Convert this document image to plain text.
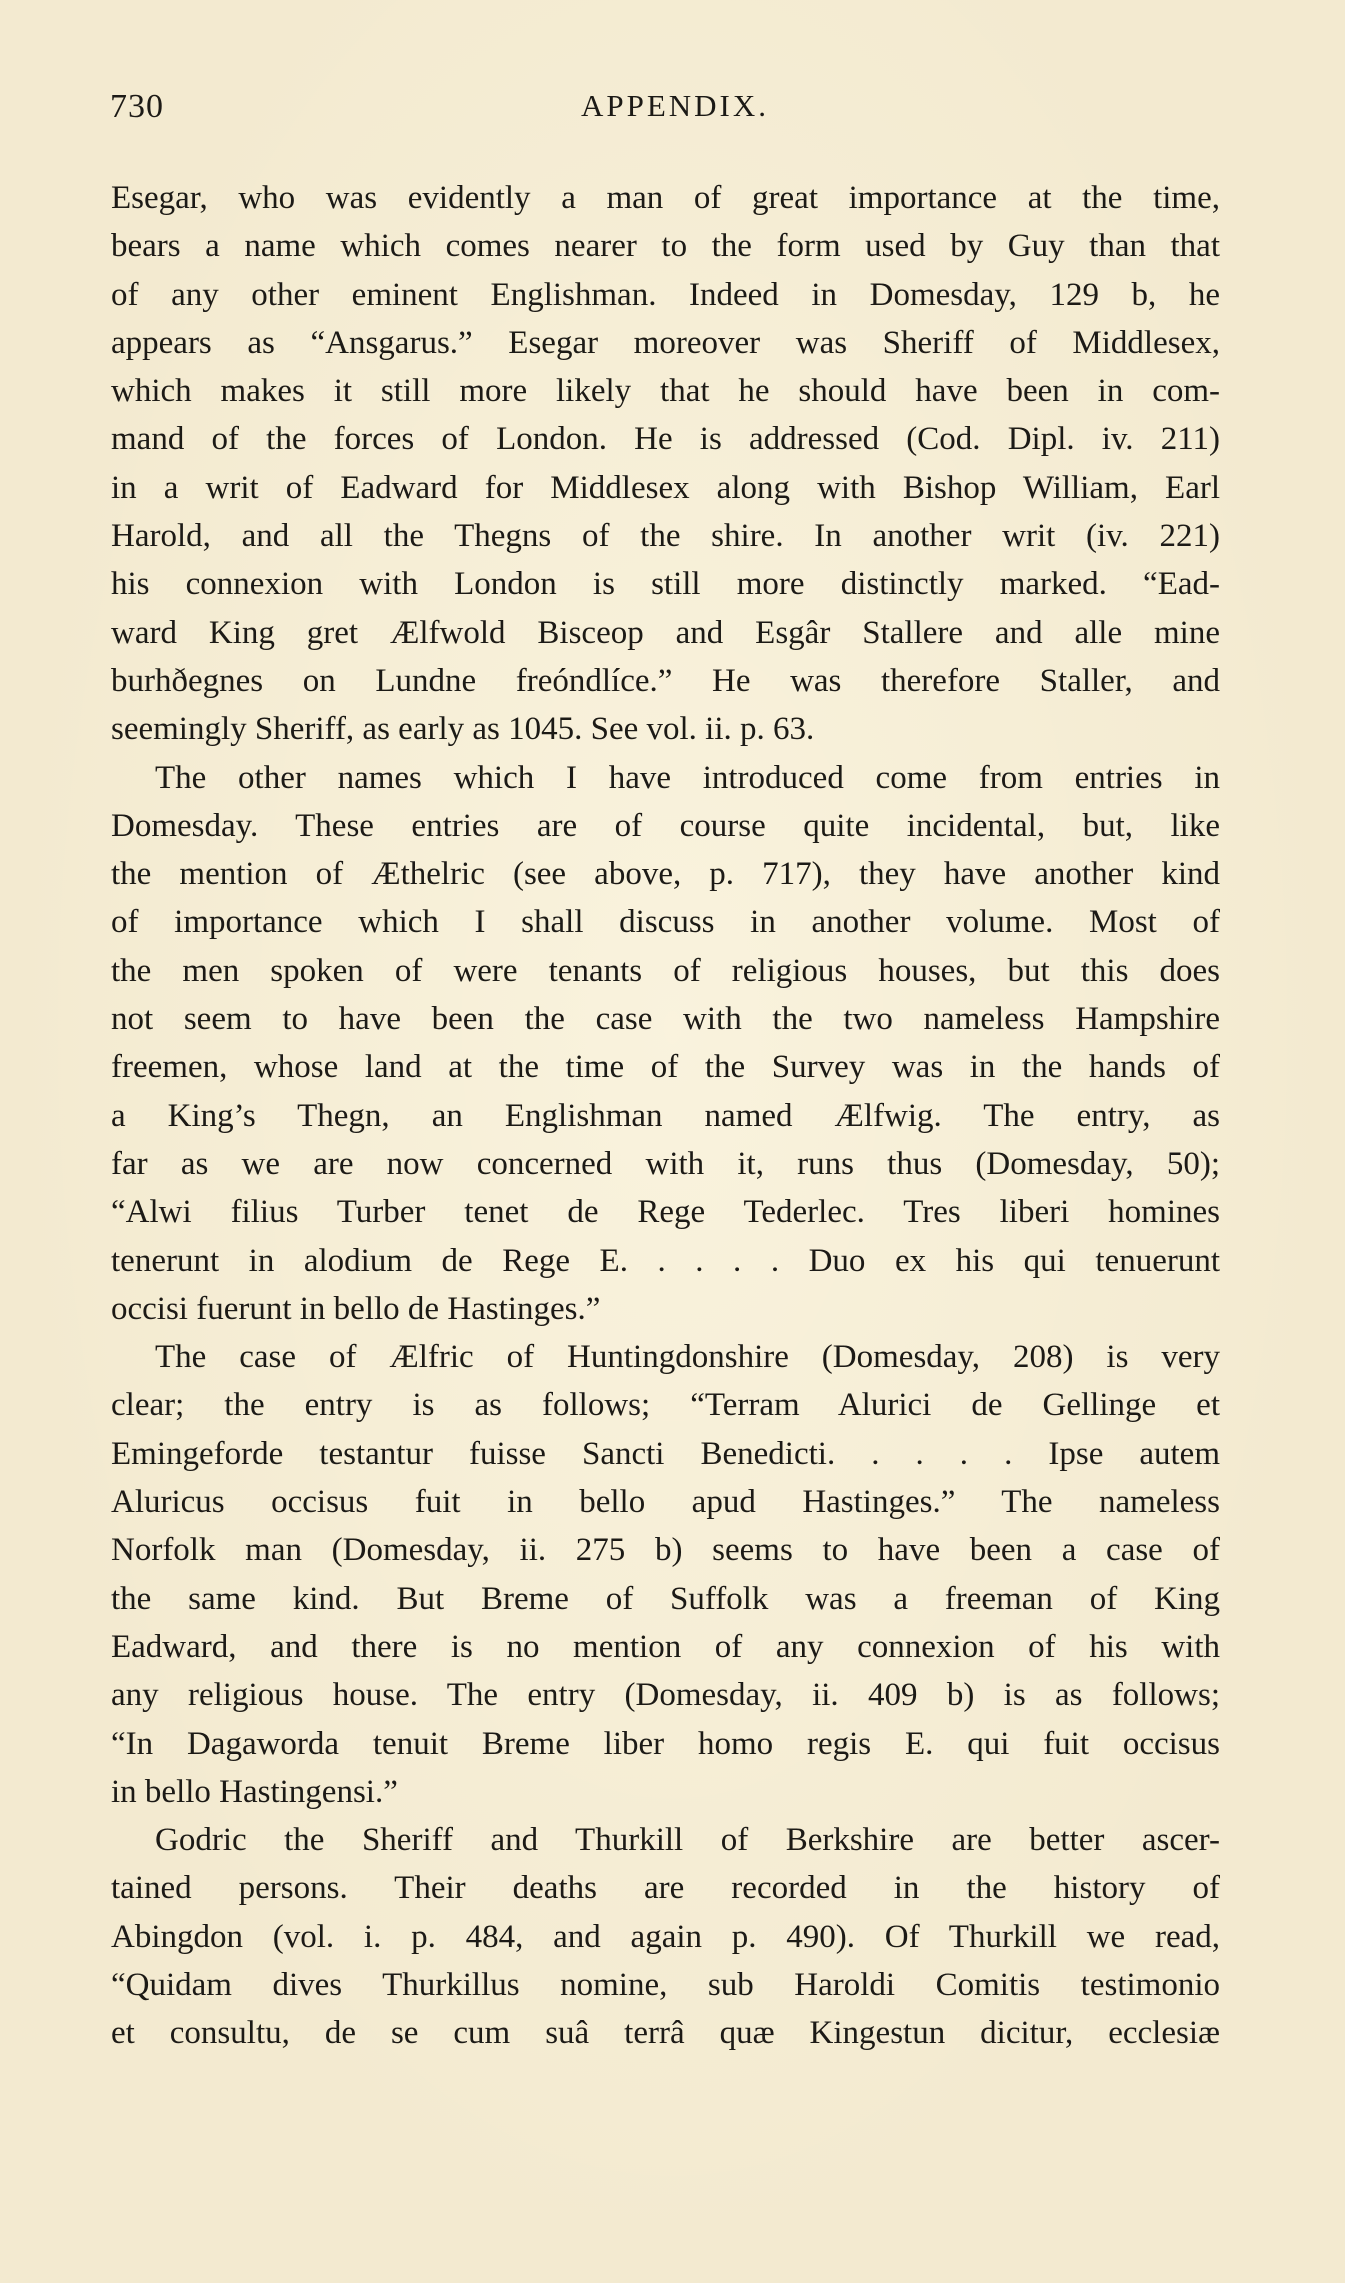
730	APPENDIX.
Esegar, who was evidently a man of great importance at the time,
bears a name which comes nearer to the form used by Guy than that
of any other eminent Englishman. Indeed in Domesday, 129 b, he
appears as “Ansgarus.” Esegar moreover was Sheriff of Middlesex,
which makes it still more likely that he should have been in com-
mand of the forces of London. He is addressed (Cod. Dipl. iv. 211)
in a writ of Eadward for Middlesex along with Bishop William, Earl
Harold, and all the Thegns of the shire. In another writ (iv. 221)
his connexion with London is still more distinctly marked. “Ead-
ward King gret Ælfwold Bisceop and Esgâr Stallere and alle mine
burhðegnes on Lundne freóndlíce.” He was therefore Staller, and
seemingly Sheriff, as early as 1045. See vol. ii. p. 63.
The other names which I have introduced come from entries in
Domesday. These entries are of course quite incidental, but, like
the mention of Æthelric (see above, p. 717), they have another kind
of importance which I shall discuss in another volume. Most of
the men spoken of were tenants of religious houses, but this does
not seem to have been the case with the two nameless Hampshire
freemen, whose land at the time of the Survey was in the hands of
a King’s Thegn, an Englishman named Ælfwig. The entry, as
far as we are now concerned with it, runs thus (Domesday, 50);
“Alwi filius Turber tenet de Rege Tederlec. Tres liberi homines
tenerunt in alodium de Rege E. . . . . Duo ex his qui tenuerunt
occisi fuerunt in bello de Hastinges.”
The case of Ælfric of Huntingdonshire (Domesday, 208) is very
clear; the entry is as follows; “Terram Alurici de Gellinge et
Emingeforde testantur fuisse Sancti Benedicti. . . . . Ipse autem
Aluricus occisus fuit in bello apud Hastinges.” The nameless
Norfolk man (Domesday, ii. 275 b) seems to have been a case of
the same kind. But Breme of Suffolk was a freeman of King
Eadward, and there is no mention of any connexion of his with
any religious house. The entry (Domesday, ii. 409 b) is as follows;
“In Dagaworda tenuit Breme liber homo regis E. qui fuit occisus
in bello Hastingensi.”
Godric the Sheriff and Thurkill of Berkshire are better ascer-
tained persons. Their deaths are recorded in the history of
Abingdon (vol. i. p. 484, and again p. 490). Of Thurkill we read,
“Quidam dives Thurkillus nomine, sub Haroldi Comitis testimonio
et consultu, de se cum suâ terrâ quæ Kingestun dicitur, ecclesiæ
